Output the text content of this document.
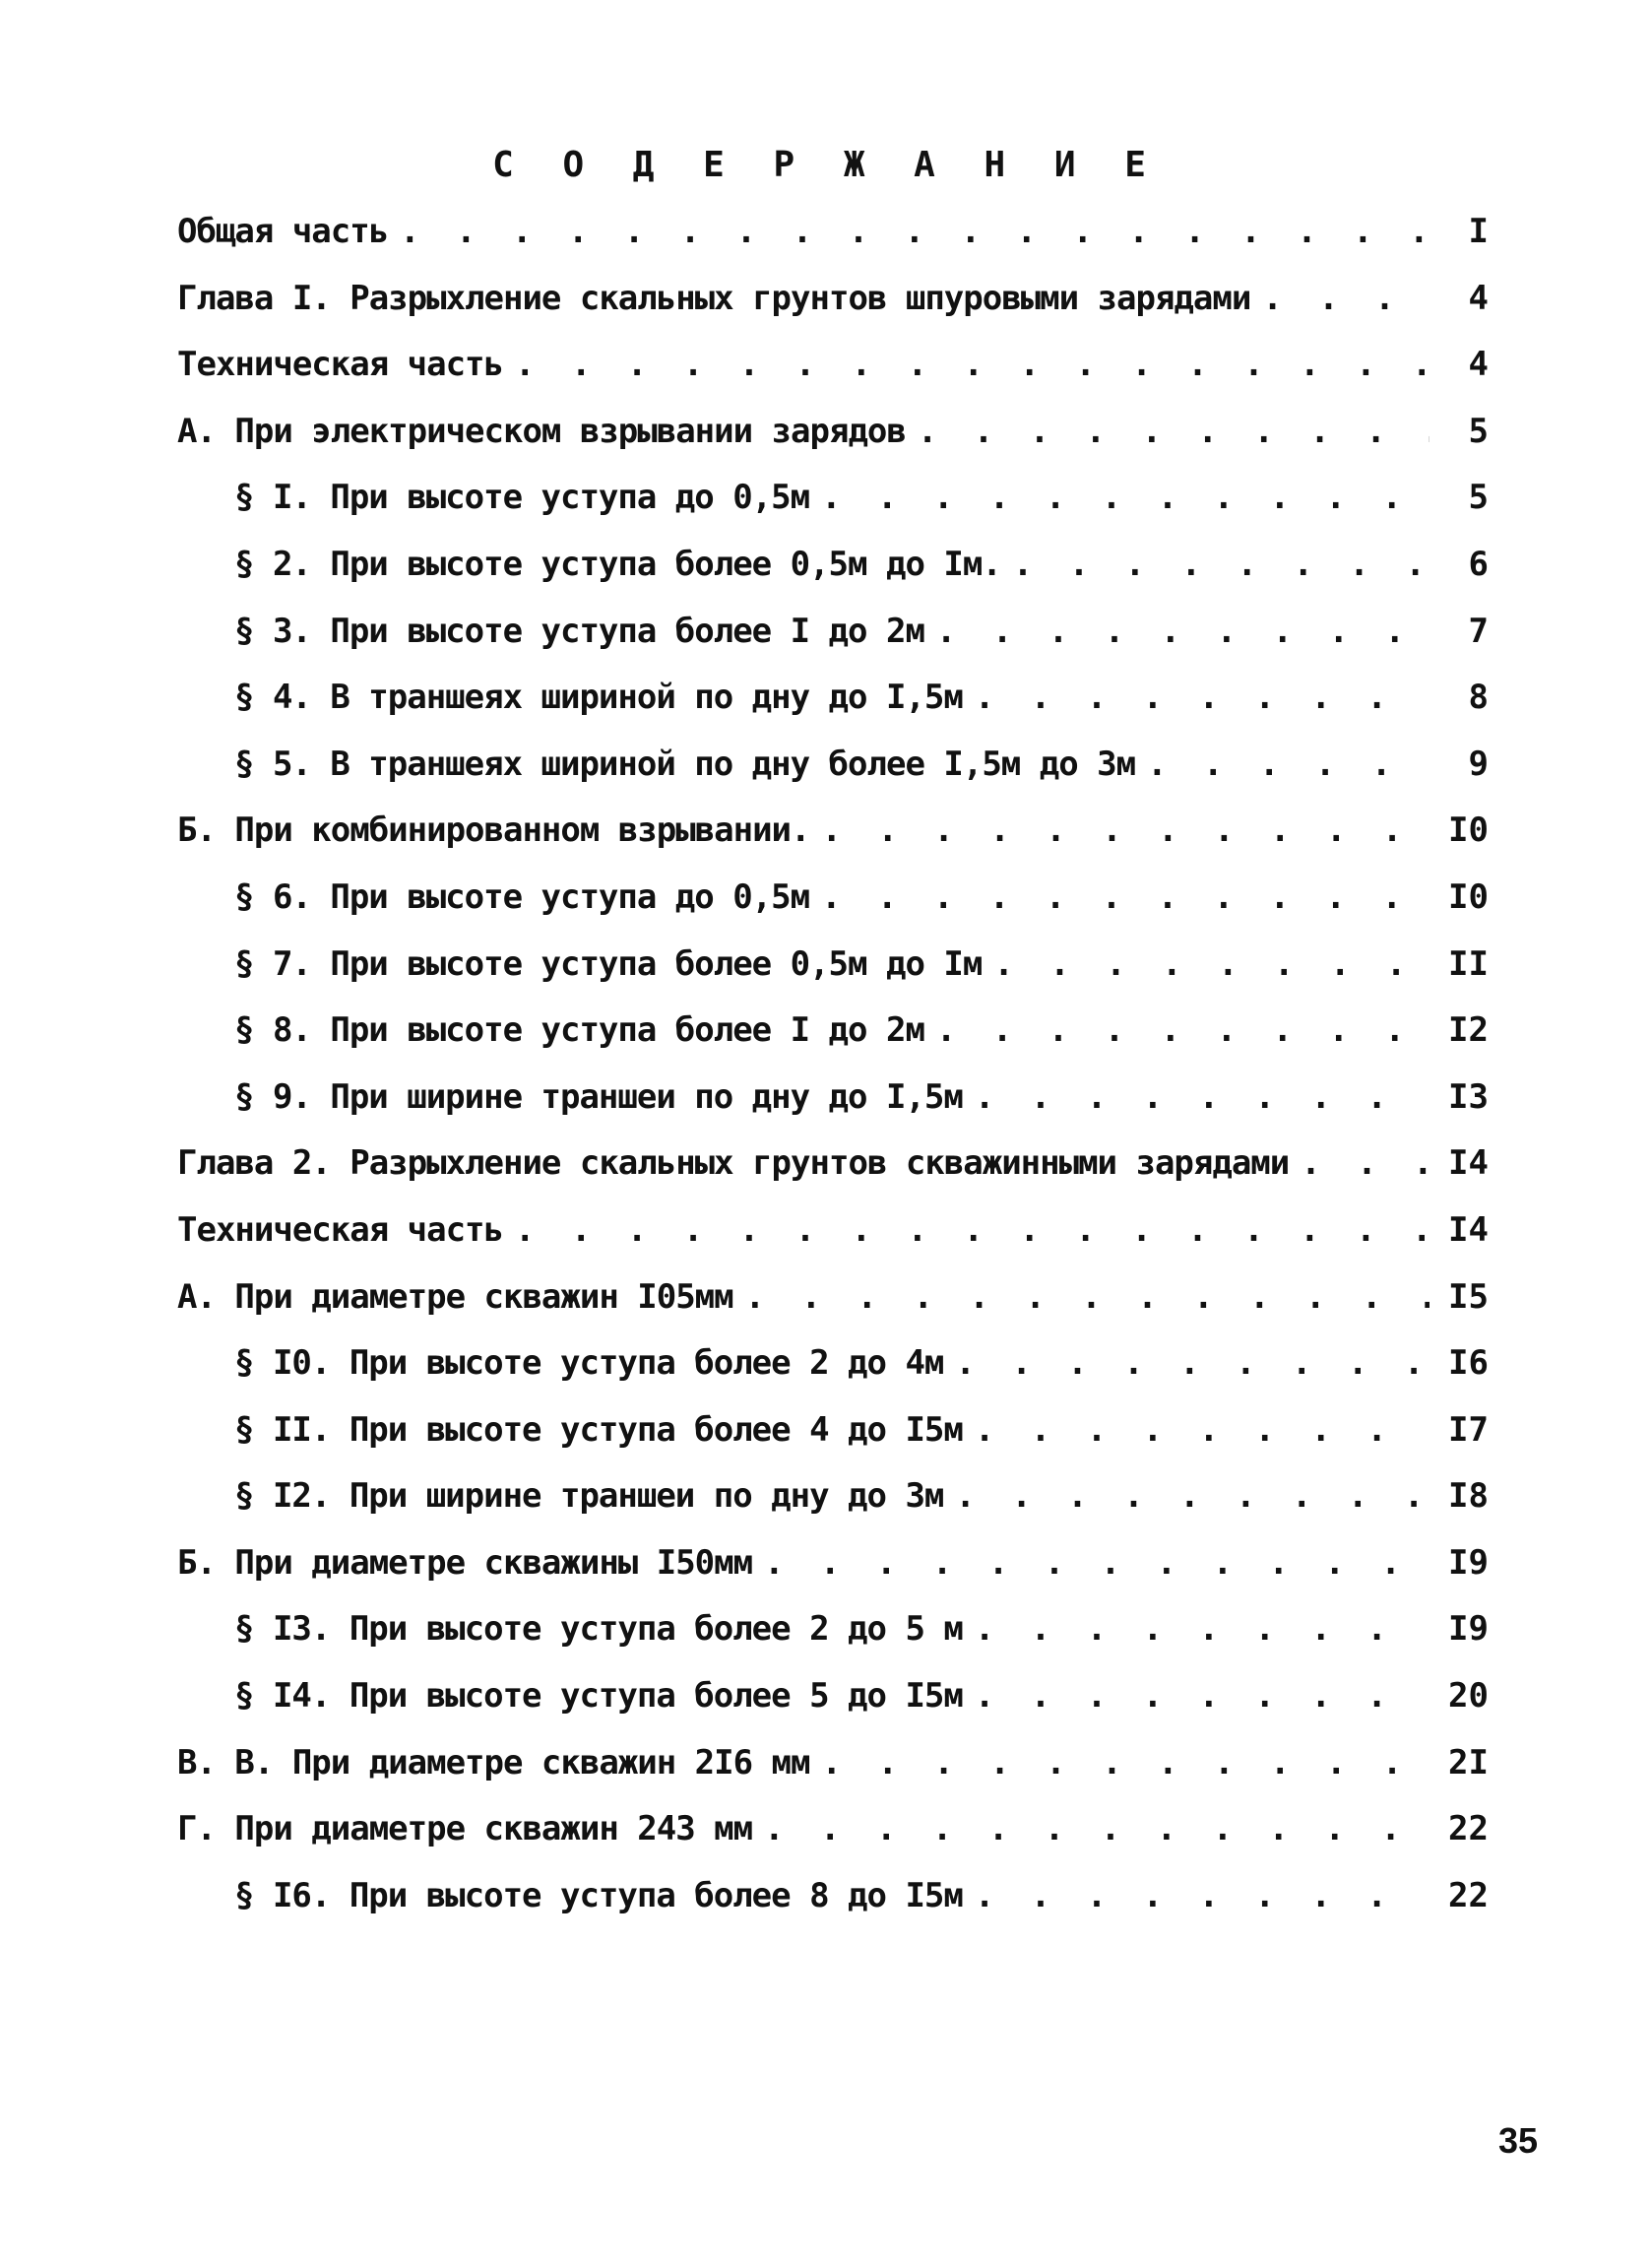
С О Д Е Р Ж А Н И Е
Общая часть . . .	I
Глава I. Разрыхление скальных грунтов шпуровыми зарядами . . .	4
Техническая часть . . .	4
А. При электрическом взрывании зарядов . . .	5
§ I. При высоте уступа до 0,5м . . .	5
§ 2. При высоте уступа более 0,5м до Iм. . . .	6
§ 3. При высоте уступа более I до 2м . . .	7
§ 4. В траншеях шириной по дну до I,5м . . .	8
§ 5. В траншеях шириной по дну более I,5м до 3м . . .	9
Б. При комбинированном взрывании. . . .	I0
§ 6. При высоте уступа до 0,5м . . .	I0
§ 7. При высоте уступа более 0,5м до Iм . . .	II
§ 8. При высоте уступа более I до 2м . . .	I2
§ 9. При ширине траншеи по дну до I,5м . . .	I3
Глава 2. Разрыхление скальных грунтов скважинными зарядами . . .	I4
Техническая часть . . .	I4
А. При диаметре скважин I05мм . . .	I5
§ I0. При высоте уступа более 2 до 4м . . .	I6
§ II. При высоте уступа более 4 до I5м . . .	I7
§ I2. При ширине траншеи по дну до 3м . . .	I8
Б. При диаметре скважины I50мм . . .	I9
§ I3. При высоте уступа более 2 до 5 м . . .	I9
§ I4. При высоте уступа более 5 до I5м . . .	20
В. В. При диаметре скважин 2I6 мм . . .	2I
Г. При диаметре скважин 243 мм . . .	22
§ I6. При высоте уступа более 8 до I5м . . .	22
35
